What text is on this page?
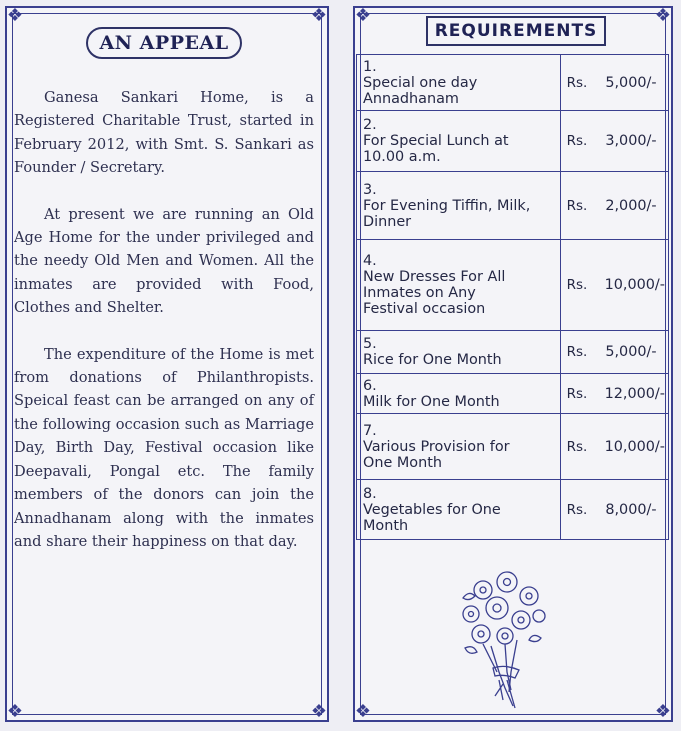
❖	❖
❖	❖
AN APPEAL

Ganesa Sankari Home, is a Registered Charitable Trust, started in February 2012, with Smt. S. Sankari as Founder / Secretary.

At present we are running an Old Age Home for the under privileged and the needy Old Men and Women. All the inmates are provided with Food, Clothes and Shelter.

The expenditure of the Home is met from donations of Philanthropists. Speical feast can be arranged on any of the following occasion such as Marriage Day, Birth Day, Festival occasion like Deepavali, Pongal etc. The family members of the donors can join the Annadhanam along with the inmates and share their happiness on that day.

❖	❖
❖	❖
REQUIREMENTS
1.Special one day Annadhanam	Rs. 5,000/-
2.For Special Lunch at 10.00 a.m.	Rs. 3,000/-
3.For Evening Tiffin, Milk, Dinner	Rs. 2,000/-
4.New Dresses For All Inmates on Any Festival occasion	Rs. 10,000/-
5.Rice for One Month	Rs. 5,000/-
6.Milk for One Month	Rs. 12,000/-
7.Various Provision for One Month	Rs. 10,000/-
8.Vegetables for One Month	Rs. 8,000/-
